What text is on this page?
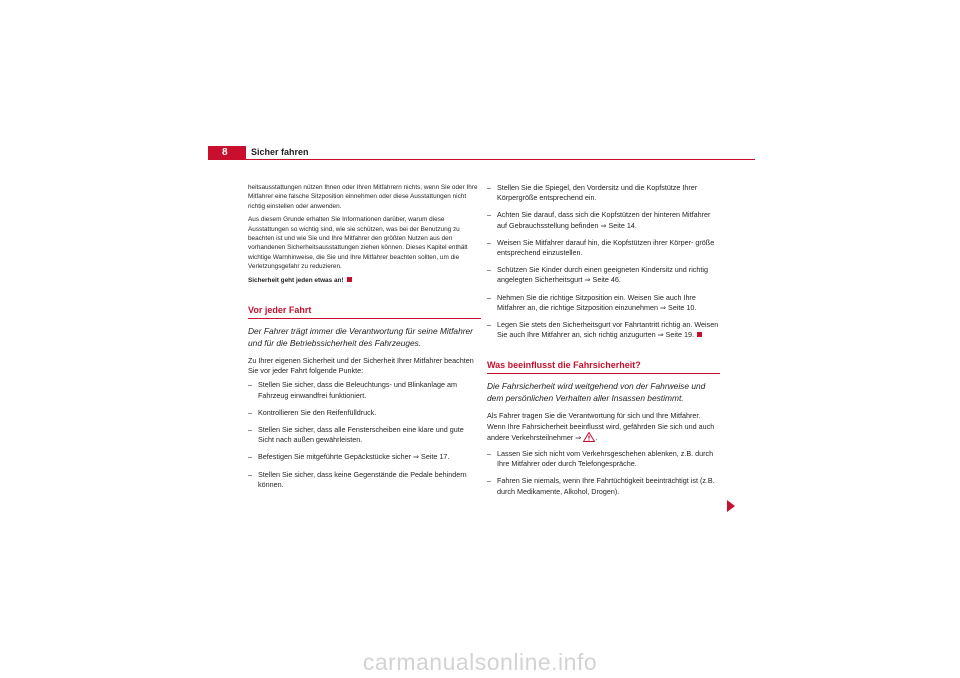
8	Sicher fahren

heitsausstattungen nützen Ihnen oder Ihren Mitfahrern nichts, wenn Sie oder Ihre Mitfahrer eine falsche Sitzposition einnehmen oder diese Ausstattungen nicht richtig einstellen oder anwenden.

Aus diesem Grunde erhalten Sie Informationen darüber, warum diese Ausstattungen so wichtig sind, wie sie schützen, was bei der Benutzung zu beachten ist und wie Sie und Ihre Mitfahrer den größten Nutzen aus den vorhandenen Sicherheitsausstattungen ziehen können. Dieses Kapitel enthält wichtige Warnhinweise, die Sie und Ihre Mitfahrer beachten sollten, um die Verletzungsgefahr zu reduzieren.

Sicherheit geht jeden etwas an!

Vor jeder Fahrt

Der Fahrer trägt immer die Verantwortung für seine Mitfahrer und für die Betriebssicherheit des Fahrzeuges.

Zu Ihrer eigenen Sicherheit und der Sicherheit Ihrer Mitfahrer beachten Sie vor jeder Fahrt folgende Punkte:

– Stellen Sie sicher, dass die Beleuchtungs- und Blinkanlage am Fahrzeug einwandfrei funktioniert.
– Kontrollieren Sie den Reifenfülldruck.
– Stellen Sie sicher, dass alle Fensterscheiben eine klare und gute Sicht nach außen gewährleisten.
– Befestigen Sie mitgeführte Gepäckstücke sicher ⇒ Seite 17.
– Stellen Sie sicher, dass keine Gegenstände die Pedale behindern können.
– Stellen Sie die Spiegel, den Vordersitz und die Kopfstütze Ihrer Körpergröße entsprechend ein.
– Achten Sie darauf, dass sich die Kopfstützen der hinteren Mitfahrer auf Gebrauchsstellung befinden ⇒ Seite 14.
– Weisen Sie Mitfahrer darauf hin, die Kopfstützen ihrer Körper- größe entsprechend einzustellen.
– Schützen Sie Kinder durch einen geeigneten Kindersitz und richtig angelegten Sicherheitsgurt ⇒ Seite 46.
– Nehmen Sie die richtige Sitzposition ein. Weisen Sie auch Ihre Mitfahrer an, die richtige Sitzposition einzunehmen ⇒ Seite 10.
– Legen Sie stets den Sicherheitsgurt vor Fahrtantritt richtig an. Weisen Sie auch Ihre Mitfahrer an, sich richtig anzugurten ⇒ Seite 19.
Was beeinflusst die Fahrsicherheit?

Die Fahrsicherheit wird weitgehend von der Fahrweise und dem persönlichen Verhalten aller Insassen bestimmt.

Als Fahrer tragen Sie die Verantwortung für sich und Ihre Mitfahrer. Wenn Ihre Fahrsicherheit beeinflusst wird, gefährden Sie sich und auch andere Verkehrsteilnehmer ⇒ .

– Lassen Sie sich nicht vom Verkehrsgeschehen ablenken, z.B. durch Ihre Mitfahrer oder durch Telefongespräche.
– Fahren Sie niemals, wenn Ihre Fahrtüchtigkeit beeinträchtigt ist (z.B. durch Medikamente, Alkohol, Drogen).
carmanualsonline.info
